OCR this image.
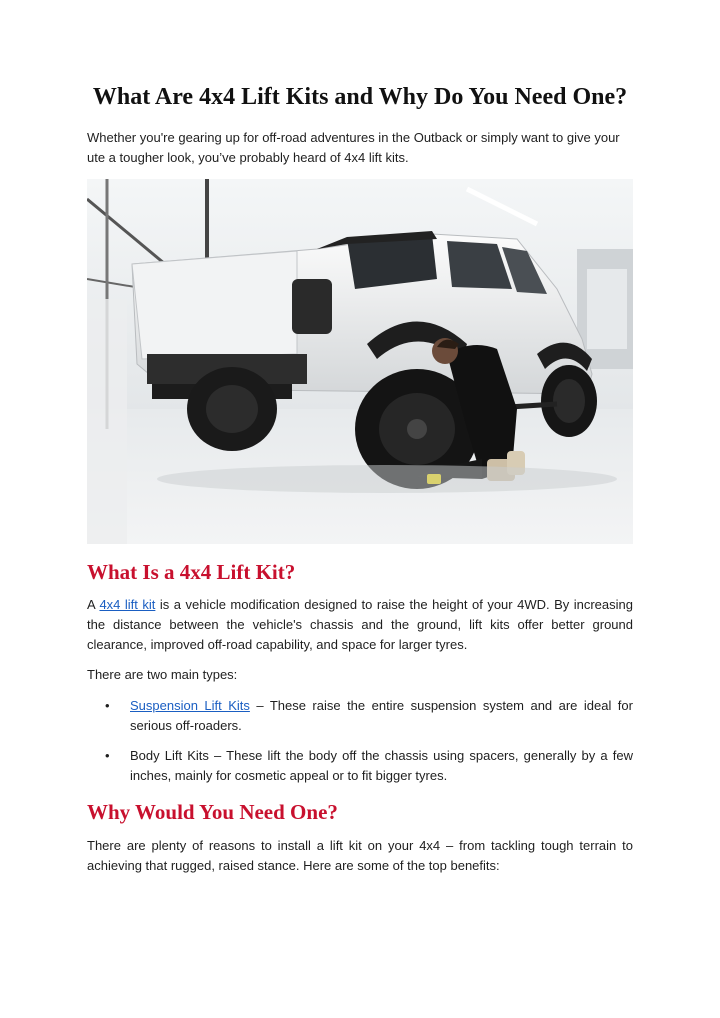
What Are 4x4 Lift Kits and Why Do You Need One?

Whether you're gearing up for off-road adventures in the Outback or simply want to give your ute a tougher look, you’ve probably heard of 4x4 lift kits.

What Is a 4x4 Lift Kit?

A 4x4 lift kit is a vehicle modification designed to raise the height of your 4WD. By increasing the distance between the vehicle's chassis and the ground, lift kits offer better ground clearance, improved off-road capability, and space for larger tyres.

There are two main types:

• Suspension Lift Kits – These raise the entire suspension system and are ideal for serious off-roaders.
• Body Lift Kits – These lift the body off the chassis using spacers, generally by a few inches, mainly for cosmetic appeal or to fit bigger tyres.
Why Would You Need One?

There are plenty of reasons to install a lift kit on your 4x4 – from tackling tough terrain to achieving that rugged, raised stance. Here are some of the top benefits:
